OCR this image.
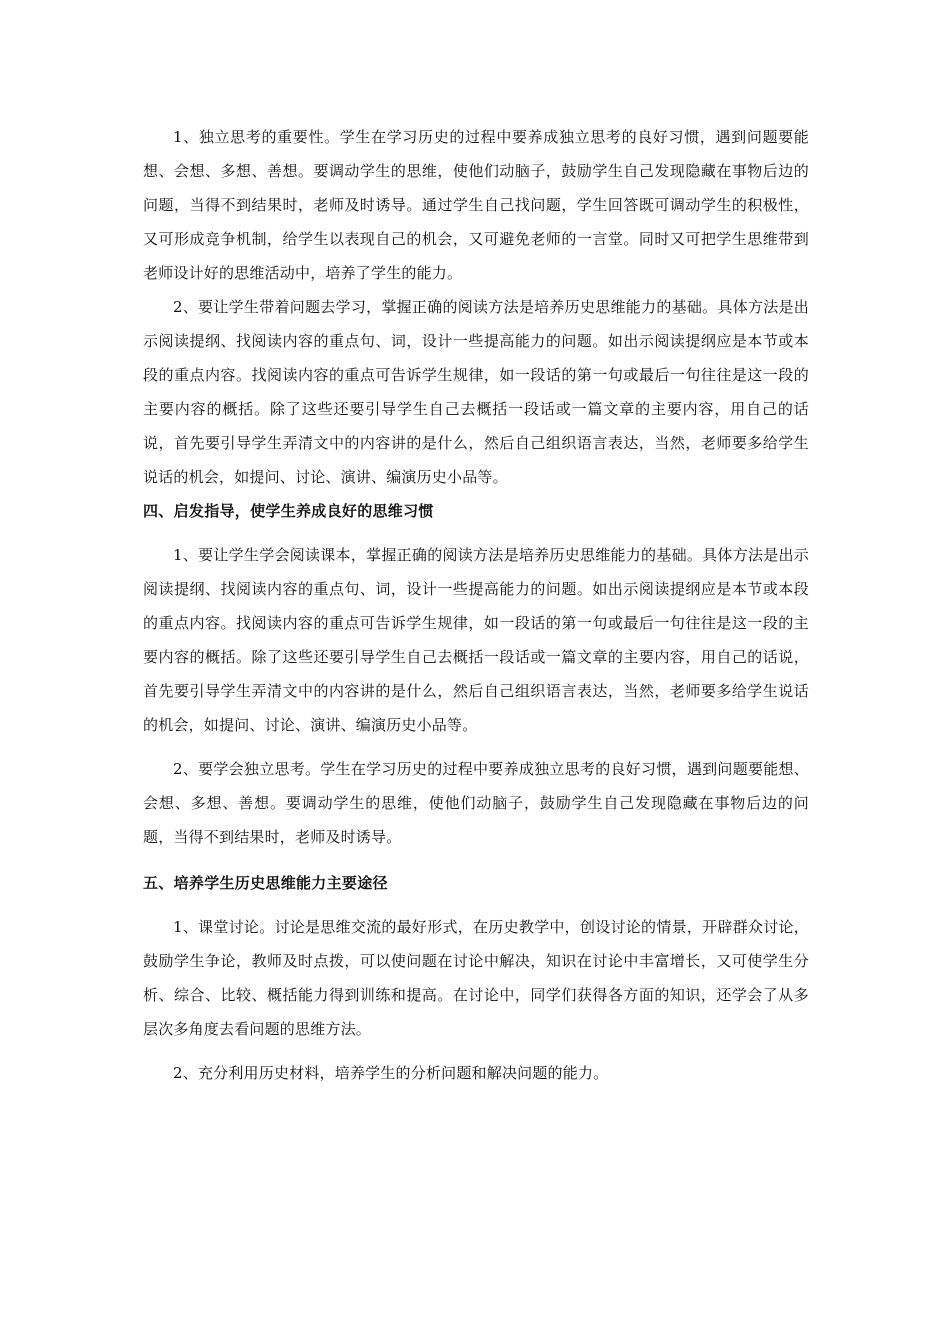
1、独立思考的重要性。学生在学习历史的过程中要养成独立思考的良好习惯，遇到问题要能想、会想、多想、善想。要调动学生的思维，使他们动脑子，鼓励学生自己发现隐藏在事物后边的问题，当得不到结果时，老师及时诱导。通过学生自己找问题，学生回答既可调动学生的积极性，又可形成竞争机制，给学生以表现自己的机会，又可避免老师的一言堂。同时又可把学生思维带到老师设计好的思维活动中，培养了学生的能力。

2、要让学生带着问题去学习，掌握正确的阅读方法是培养历史思维能力的基础。具体方法是出示阅读提纲、找阅读内容的重点句、词，设计一些提高能力的问题。如出示阅读提纲应是本节或本段的重点内容。找阅读内容的重点可告诉学生规律，如一段话的第一句或最后一句往往是这一段的主要内容的概括。除了这些还要引导学生自己去概括一段话或一篇文章的主要内容，用自己的话说，首先要引导学生弄清文中的内容讲的是什么，然后自己组织语言表达，当然，老师要多给学生说话的机会，如提问、讨论、演讲、编演历史小品等。

四、启发指导，使学生养成良好的思维习惯

1、要让学生学会阅读课本，掌握正确的阅读方法是培养历史思维能力的基础。具体方法是出示阅读提纲、找阅读内容的重点句、词，设计一些提高能力的问题。如出示阅读提纲应是本节或本段的重点内容。找阅读内容的重点可告诉学生规律，如一段话的第一句或最后一句往往是这一段的主要内容的概括。除了这些还要引导学生自己去概括一段话或一篇文章的主要内容，用自己的话说，首先要引导学生弄清文中的内容讲的是什么，然后自己组织语言表达，当然，老师要多给学生说话的机会，如提问、讨论、演讲、编演历史小品等。

2、要学会独立思考。学生在学习历史的过程中要养成独立思考的良好习惯，遇到问题要能想、会想、多想、善想。要调动学生的思维，使他们动脑子，鼓励学生自己发现隐藏在事物后边的问题，当得不到结果时，老师及时诱导。

五、培养学生历史思维能力主要途径

1、课堂讨论。讨论是思维交流的最好形式，在历史教学中，创设讨论的情景，开辟群众讨论，鼓励学生争论，教师及时点拨，可以使问题在讨论中解决，知识在讨论中丰富增长，又可使学生分析、综合、比较、概括能力得到训练和提高。在讨论中，同学们获得各方面的知识，还学会了从多层次多角度去看问题的思维方法。

2、充分利用历史材料，培养学生的分析问题和解决问题的能力。
